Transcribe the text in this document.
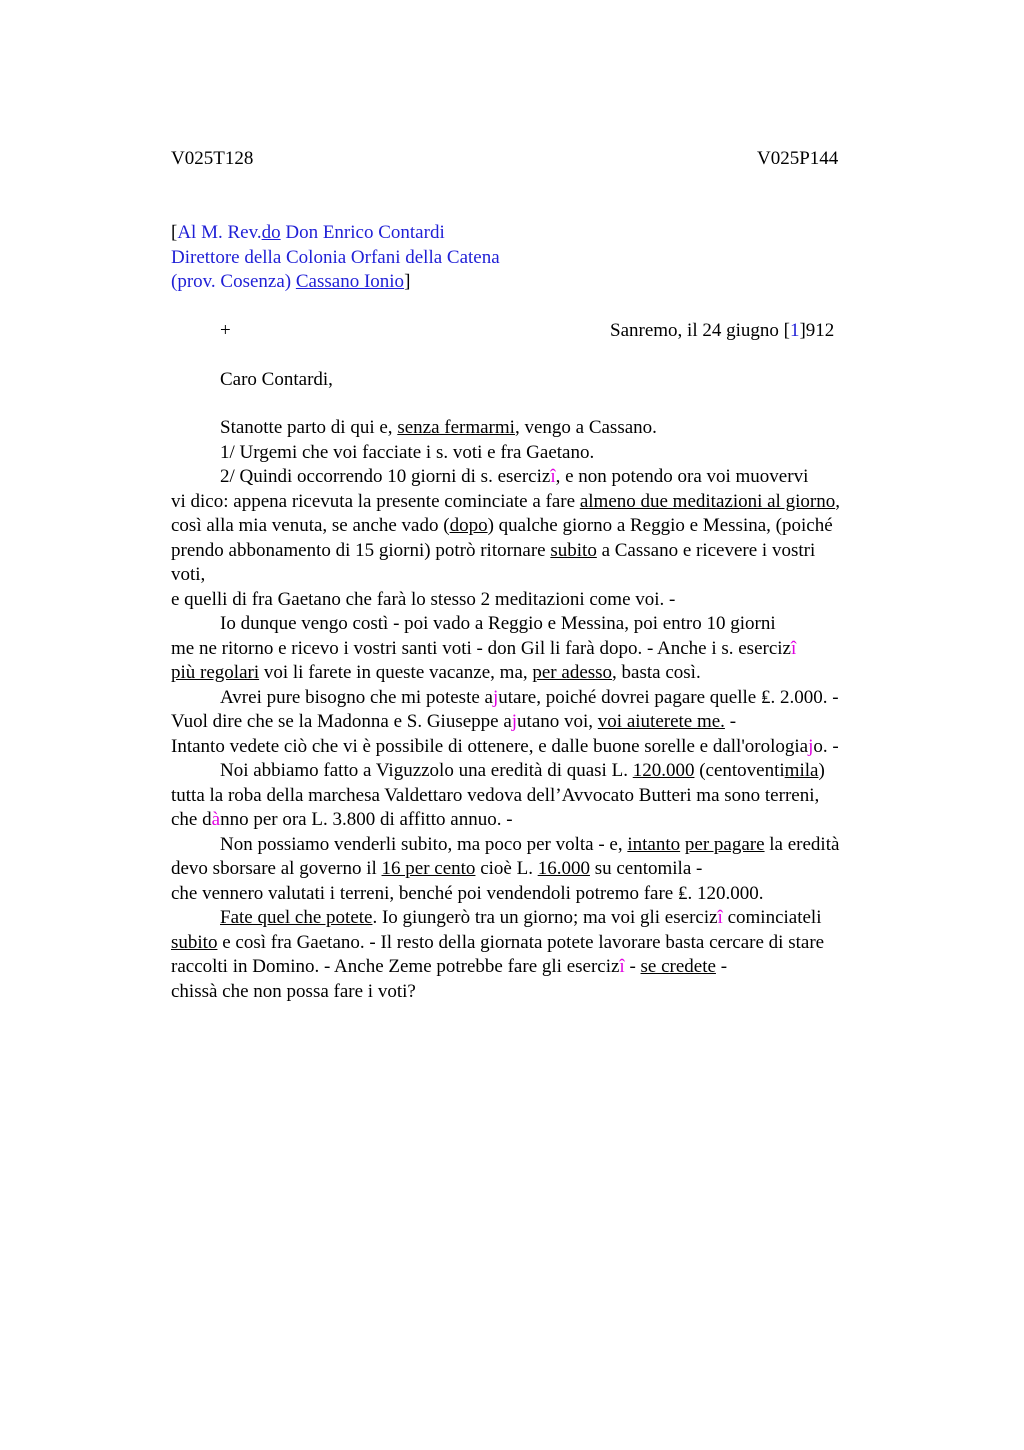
V025T128	V025P144
[Al M. Rev.do Don Enrico Contardi
Direttore della Colonia Orfani della Catena
(prov. Cosenza) Cassano Ionio]
+	Sanremo, il 24 giugno [1]912
Caro Contardi,
Stanotte parto di qui e, senza fermarmi, vengo a Cassano.
1/ Urgemi che voi facciate i s. voti e fra Gaetano.
2/ Quindi occorrendo 10 giorni di s. esercizî, e non potendo ora voi muovervi
vi dico: appena ricevuta la presente cominciate a fare almeno due meditazioni al giorno,
così alla mia venuta, se anche vado (dopo) qualche giorno a Reggio e Messina, (poiché
prendo abbonamento di 15 giorni) potrò ritornare subito a Cassano e ricevere i vostri
voti,
e quelli di fra Gaetano che farà lo stesso 2 meditazioni come voi. -
Io dunque vengo costì - poi vado a Reggio e Messina, poi entro 10 giorni
me ne ritorno e ricevo i vostri santi voti - don Gil li farà dopo. - Anche i s. esercizî
più regolari voi li farete in queste vacanze, ma, per adesso, basta così.
Avrei pure bisogno che mi poteste ajutare, poiché dovrei pagare quelle ₤. 2.000. -
Vuol dire che se la Madonna e S. Giuseppe ajutano voi, voi aiuterete me. -
Intanto vedete ciò che vi è possibile di ottenere, e dalle buone sorelle e dall'orologiajo. -
Noi abbiamo fatto a Viguzzolo una eredità di quasi L. 120.000 (centoventimila)
tutta la roba della marchesa Valdettaro vedova dell’Avvocato Butteri ma sono terreni,
che dànno per ora L. 3.800 di affitto annuo. -
Non possiamo venderli subito, ma poco per volta - e, intanto per pagare la eredità
devo sborsare al governo il 16 per cento cioè L. 16.000 su centomila -
che vennero valutati i terreni, benché poi vendendoli potremo fare ₤. 120.000.
Fate quel che potete. Io giungerò tra un giorno; ma voi gli esercizî cominciateli
subito e così fra Gaetano. - Il resto della giornata potete lavorare basta cercare di stare
raccolti in Domino. - Anche Zeme potrebbe fare gli esercizî - se credete -
chissà che non possa fare i voti?
